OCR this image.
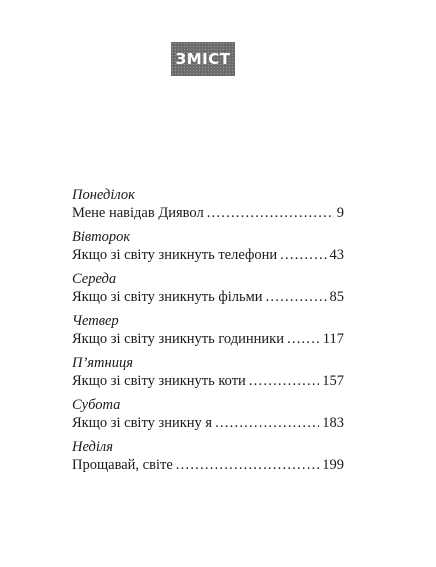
ЗМІСТ
Понеділок
Мене навідав Диявол . . .	9
Вівторок
Якщо зі світу зникнуть телефони . . .	43
Середа
Якщо зі світу зникнуть фільми . . .	85
Четвер
Якщо зі світу зникнуть годинники . . .	117
П’ятниця
Якщо зі світу зникнуть коти . . .	157
Субота
Якщо зі світу зникну я . . .	183
Неділя
Прощавай, світе . . .	199
